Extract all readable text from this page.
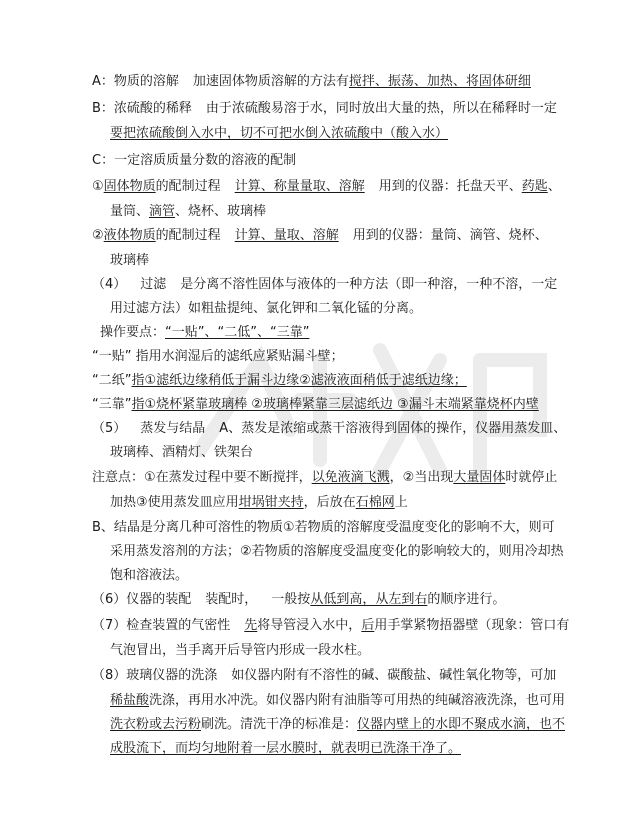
A：物质的溶解 加速固体物质溶解的方法有搅拌、振荡、加热、将固体研细
B：浓硫酸的稀释 由于浓硫酸易溶于水，同时放出大量的热，所以在稀释时一定
要把浓硫酸倒入水中，切不可把水倒入浓硫酸中（酸入水）
C：一定溶质质量分数的溶液的配制
①固体物质的配制过程 计算、称量量取、溶解 用到的仪器：托盘天平、药匙、
量筒、滴管、烧杯、玻璃棒
②液体物质的配制过程 计算、量取、溶解 用到的仪器：量筒、滴管、烧杯、
玻璃棒
（4） 过滤 是分离不溶性固体与液体的一种方法（即一种溶，一种不溶，一定
用过滤方法）如粗盐提纯、氯化钾和二氧化锰的分离。
操作要点：“一贴”、“二低”、“三靠”
“一贴” 指用水润湿后的滤纸应紧贴漏斗壁；
“二纸”指①滤纸边缘稍低于漏斗边缘②滤液液面稍低于滤纸边缘；
“三靠”指①烧杯紧靠玻璃棒 ②玻璃棒紧靠三层滤纸边 ③漏斗末端紧靠烧杯内壁
（5） 蒸发与结晶 A、蒸发是浓缩或蒸干溶液得到固体的操作，仪器用蒸发皿、
玻璃棒、酒精灯、铁架台
注意点：①在蒸发过程中要不断搅拌，以免液滴飞溅，②当出现大量固体时就停止
加热③使用蒸发皿应用坩埚钳夹持，后放在石棉网上
B、结晶是分离几种可溶性的物质①若物质的溶解度受温度变化的影响不大，则可
采用蒸发溶剂的方法；②若物质的溶解度受温度变化的影响较大的，则用冷却热
饱和溶液法。
（6）仪器的装配 装配时， 一般按从低到高，从左到右的顺序进行。
（7）检查装置的气密性 先将导管浸入水中，后用手掌紧物捂器壁（现象：管口有
气泡冒出，当手离开后导管内形成一段水柱。
（8）玻璃仪器的洗涤 如仪器内附有不溶性的碱、碳酸盐、碱性氧化物等，可加
稀盐酸洗涤，再用水冲洗。如仪器内附有油脂等可用热的纯碱溶液洗涤，也可用
洗衣粉或去污粉刷洗。清洗干净的标准是：仪器内壁上的水即不聚成水滴，也不
成股流下，而均匀地附着一层水膜时，就表明已洗涤干净了。
